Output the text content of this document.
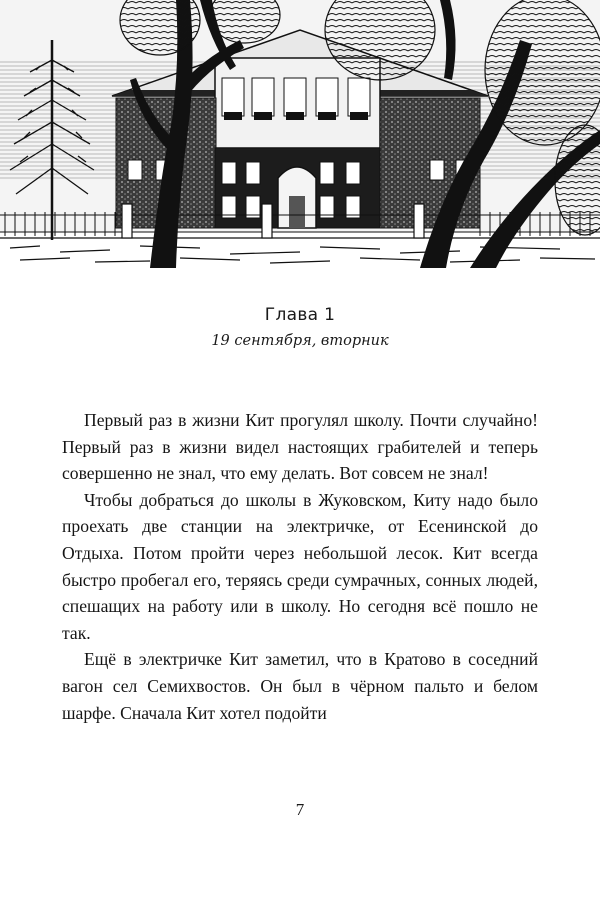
Глава 1
19 сентября, вторник

Первый раз в жизни Кит прогулял школу. Почти случайно! Первый раз в жизни видел настоящих грабителей и теперь совершенно не знал, что ему делать. Вот совсем не знал!

Чтобы добраться до школы в Жуковском, Киту надо было проехать две станции на электричке, от Есенинской до Отдыха. Потом пройти через небольшой лесок. Кит всегда быстро пробегал его, теряясь среди сумрачных, сонных людей, спешащих на работу или в школу. Но сегодня всё пошло не так.

Ещё в электричке Кит заметил, что в Кратово в соседний вагон сел Семихвостов. Он был в чёрном пальто и белом шарфе. Сначала Кит хотел подойти

7
